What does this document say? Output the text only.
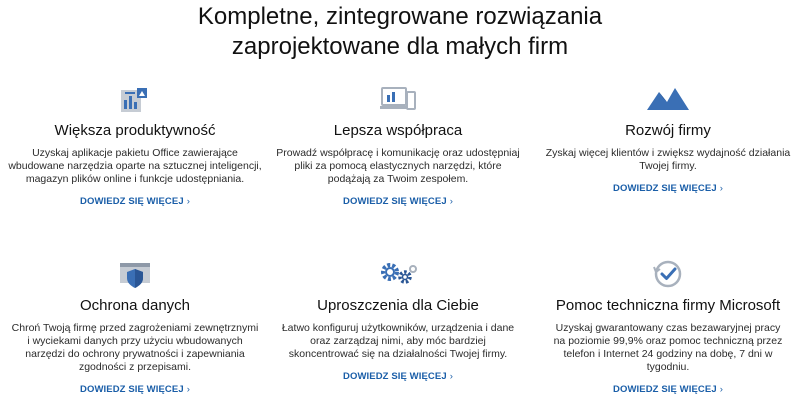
Kompletne, zintegrowane rozwiązania
zaprojektowane dla małych firm
Większa produktywność
Uzyskaj aplikacje pakietu Office zawierające wbudowane narzędzia oparte na sztucznej inteligencji, magazyn plików online i funkcje udostępniania.
DOWIEDZ SIĘ WIĘCEJ ›
Lepsza współpraca
Prowadź współpracę i komunikację oraz udostępniaj pliki za pomocą elastycznych narzędzi, które podążają za Twoim zespołem.
DOWIEDZ SIĘ WIĘCEJ ›
Rozwój firmy
Zyskaj więcej klientów i zwiększ wydajność działania Twojej firmy.
DOWIEDZ SIĘ WIĘCEJ ›
Ochrona danych
Chroń Twoją firmę przed zagrożeniami zewnętrznymi i wyciekami danych przy użyciu wbudowanych narzędzi do ochrony prywatności i zapewniania zgodności z przepisami.
DOWIEDZ SIĘ WIĘCEJ ›
Uproszczenia dla Ciebie
Łatwo konfiguruj użytkowników, urządzenia i dane oraz zarządzaj nimi, aby móc bardziej skoncentrować się na działalności Twojej firmy.
DOWIEDZ SIĘ WIĘCEJ ›
Pomoc techniczna firmy Microsoft
Uzyskaj gwarantowany czas bezawaryjnej pracy na poziomie 99,9% oraz pomoc techniczną przez telefon i Internet 24 godziny na dobę, 7 dni w tygodniu.
DOWIEDZ SIĘ WIĘCEJ ›
